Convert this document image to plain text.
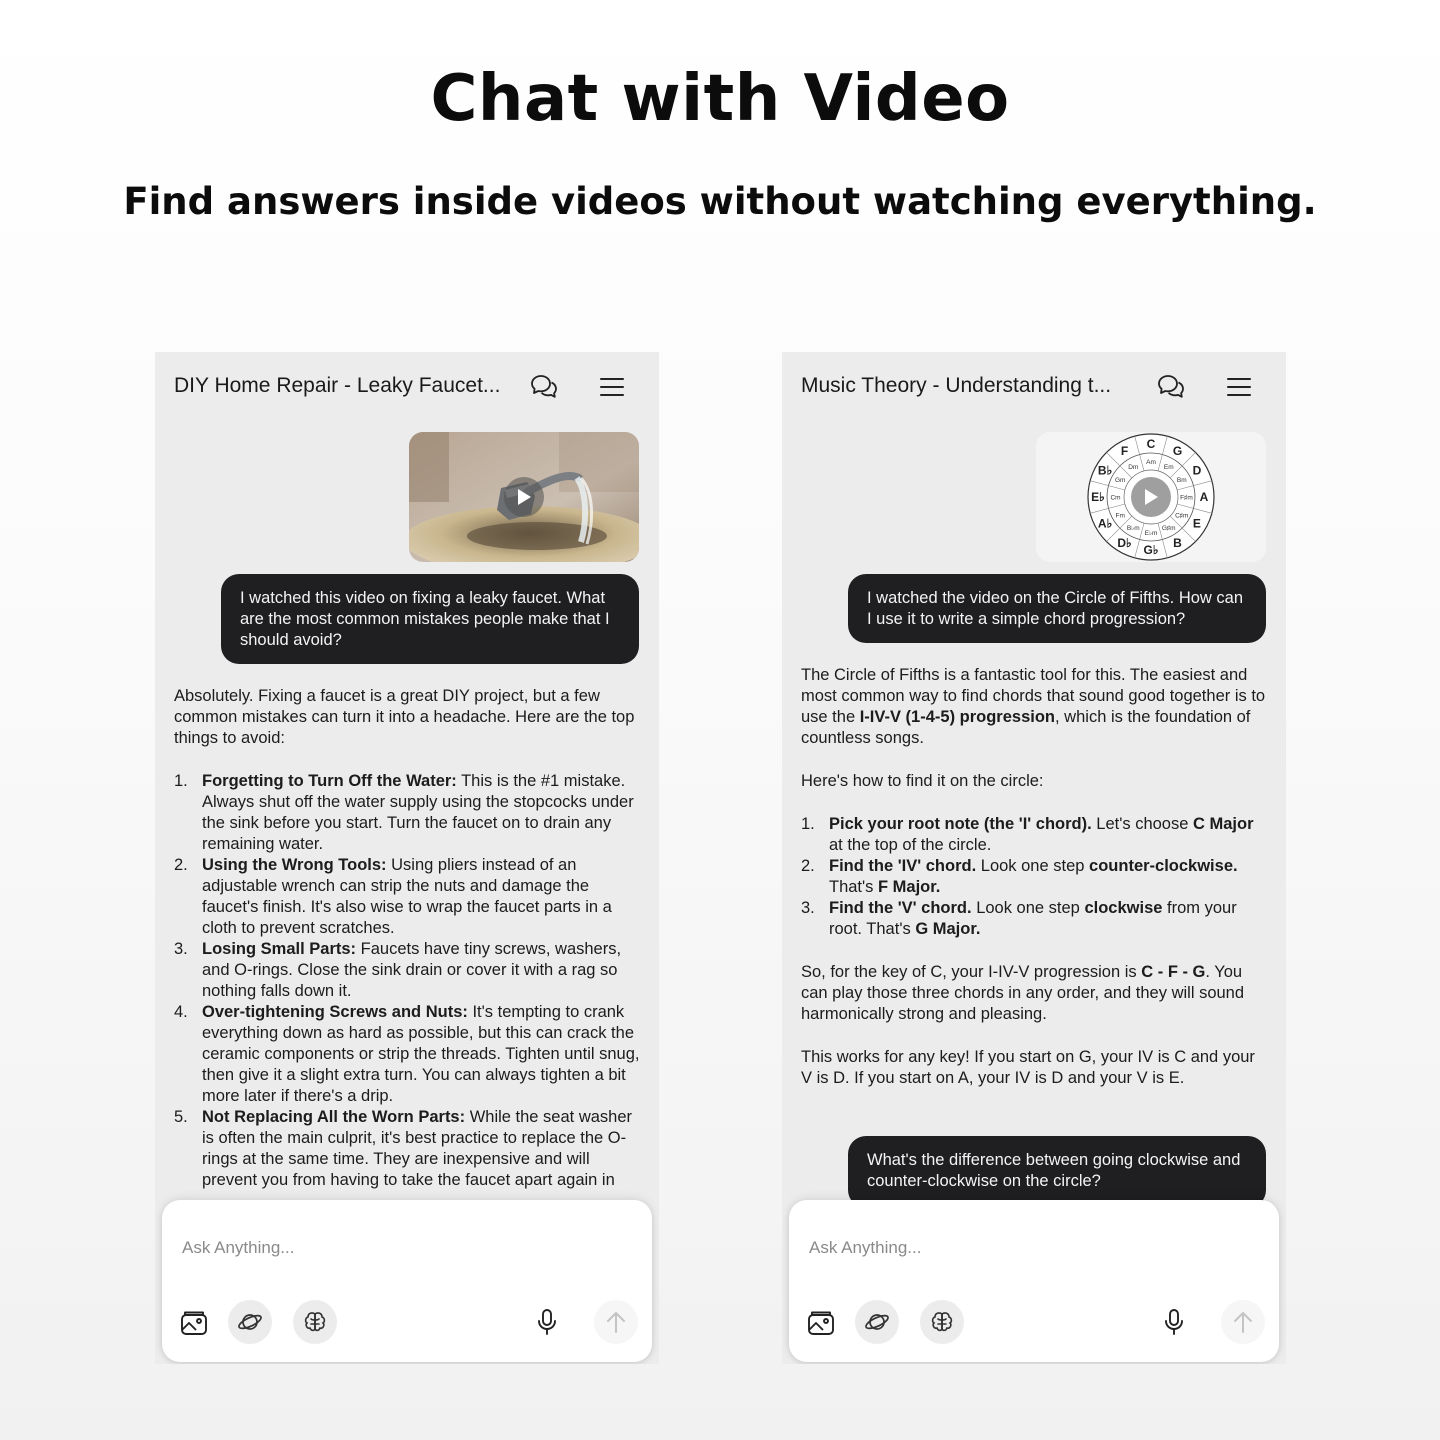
Chat with Video
Find answers inside videos without watching everything.
DIY Home Repair - Leaky Faucet...
I watched this video on fixing a leaky faucet. What are the most common mistakes people make that I should avoid?

Absolutely. Fixing a faucet is a great DIY project, but a few common mistakes can turn it into a headache. Here are the top things to avoid:

1. Forgetting to Turn Off the Water: This is the #1 mistake. Always shut off the water supply using the stopcocks under the sink before you start. Turn the faucet on to drain any remaining water.
2. Using the Wrong Tools: Using pliers instead of an adjustable wrench can strip the nuts and damage the faucet's finish. It's also wise to wrap the faucet parts in a cloth to prevent scratches.
3. Losing Small Parts: Faucets have tiny screws, washers, and O-rings. Close the sink drain or cover it with a rag so nothing falls down it.
4. Over-tightening Screws and Nuts: It's tempting to crank everything down as hard as possible, but this can crack the ceramic components or strip the threads. Tighten until snug, then give it a slight extra turn. You can always tighten a bit more later if there's a drip.
5. Not Replacing All the Worn Parts: While the seat washer is often the main culprit, it's best practice to replace the O-rings at the same time. They are inexpensive and will prevent you from having to take the faucet apart again in
Ask Anything...
Music Theory - Understanding t...
C
G
D
A
E
B
G♭
D♭
A♭
E♭
B♭
F
Am
Em
Bm
F♯m
C♯m
G♯m
E♭m
B♭m
Fm
Cm
Gm
Dm
I watched the video on the Circle of Fifths. How can I use it to write a simple chord progression?

The Circle of Fifths is a fantastic tool for this. The easiest and most common way to find chords that sound good together is to use the I-IV-V (1-4-5) progression, which is the foundation of countless songs.

Here's how to find it on the circle:

1. Pick your root note (the 'I' chord). Let's choose C Major at the top of the circle.
2. Find the 'IV' chord. Look one step counter-clockwise. That's F Major.
3. Find the 'V' chord. Look one step clockwise from your root. That's G Major.

So, for the key of C, your I-IV-V progression is C - F - G. You can play those three chords in any order, and they will sound harmonically strong and pleasing.

This works for any key! If you start on G, your IV is C and your V is D. If you start on A, your IV is D and your V is E.

What's the difference between going clockwise and counter-clockwise on the circle?
Ask Anything...
